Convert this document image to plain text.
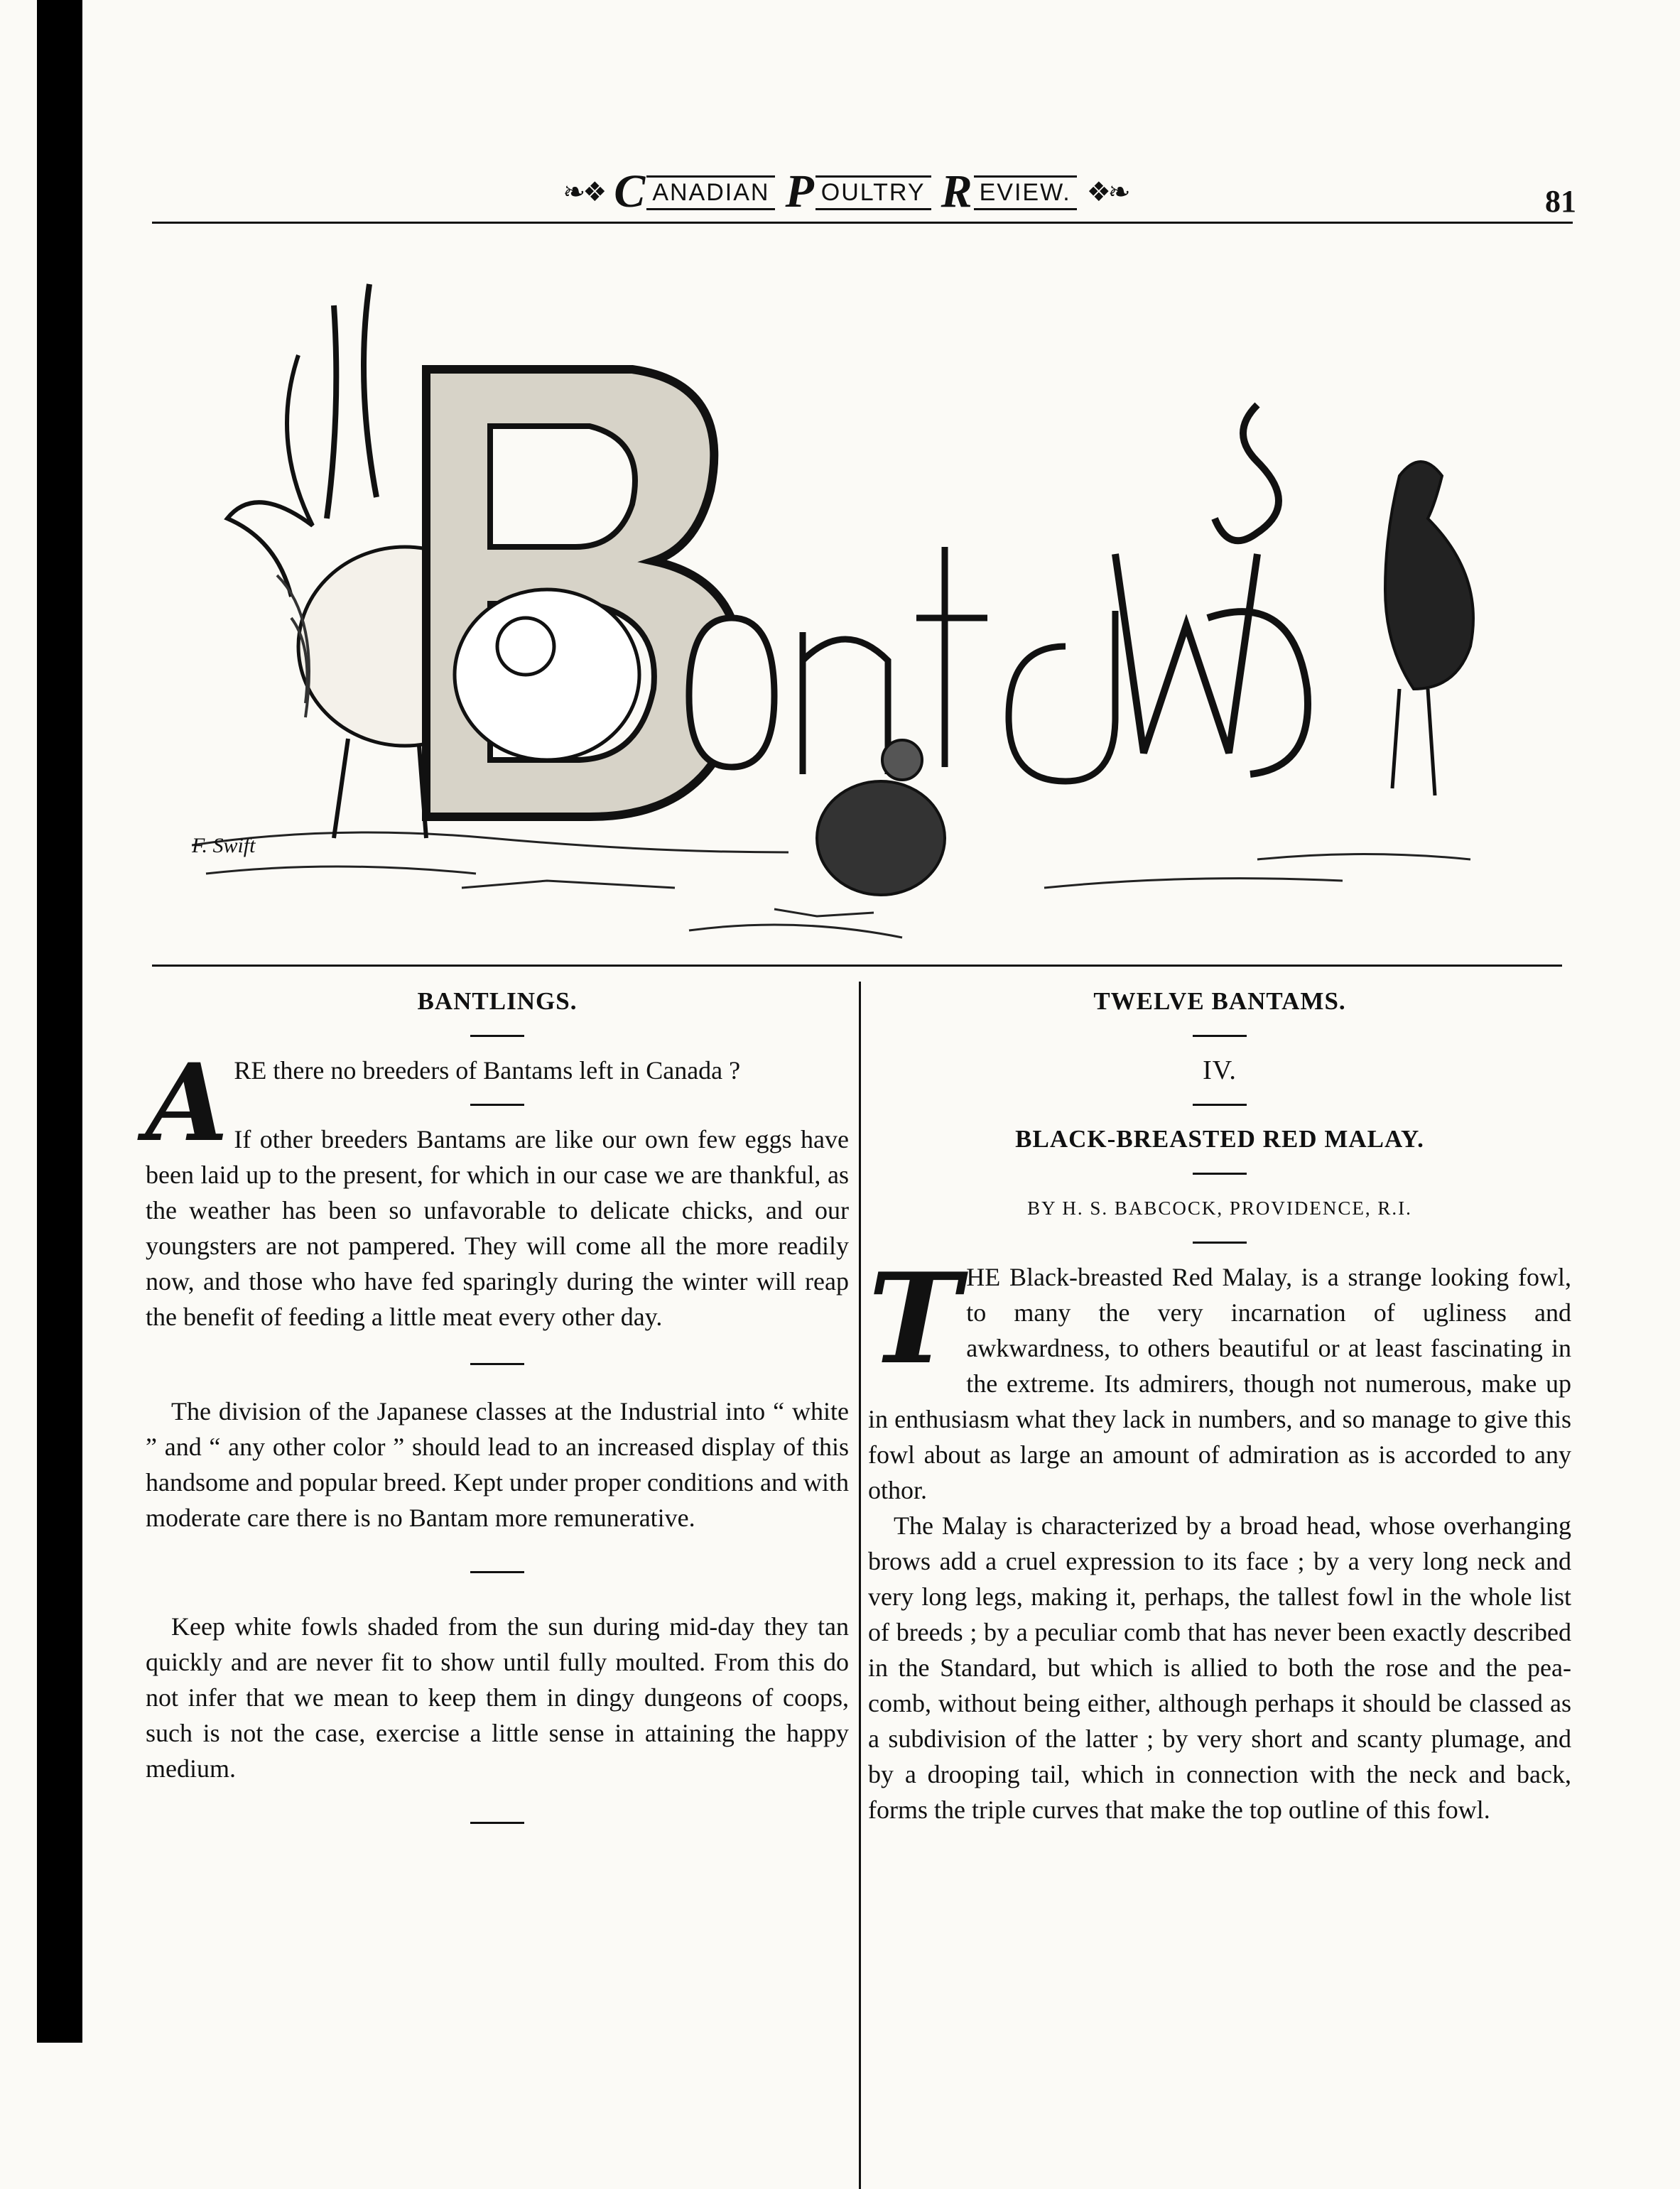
❧❖ C ANADIAN P OULTRY R EVIEW. ❖❧	81
F. Swift
BANTLINGS.

A RE there no breeders of Bantams left in Canada ?

If other breeders Bantams are like our own few eggs have been laid up to the present, for which in our case we are thankful, as the weather has been so unfavorable to delicate chicks, and our youngsters are not pampered. They will come all the more readily now, and those who have fed sparingly during the winter will reap the benefit of feeding a little meat every other day.

The division of the Japanese classes at the Industrial into “ white ” and “ any other color ” should lead to an increased display of this handsome and popular breed. Kept under proper conditions and with moderate care there is no Bantam more remunerative.

Keep white fowls shaded from the sun during mid-day they tan quickly and are never fit to show until fully moulted. From this do not infer that we mean to keep them in dingy dungeons of coops, such is not the case, exercise a little sense in attaining the happy medium.

TWELVE BANTAMS.
IV.
BLACK-BREASTED RED MALAY.
BY H. S. BABCOCK, PROVIDENCE, R.I.

T HE Black-breasted Red Malay, is a strange looking fowl, to many the very incarnation of ugliness and awkwardness, to others beautiful or at least fascinating in the extreme. Its admirers, though not numerous, make up in enthusiasm what they lack in numbers, and so manage to give this fowl about as large an amount of admiration as is accorded to any othor.

The Malay is characterized by a broad head, whose overhanging brows add a cruel expression to its face ; by a very long neck and very long legs, making it, perhaps, the tallest fowl in the whole list of breeds ; by a peculiar comb that has never been exactly described in the Standard, but which is allied to both the rose and the pea-comb, without being either, although perhaps it should be classed as a subdivision of the latter ; by very short and scanty plumage, and by a drooping tail, which in connection with the neck and back, forms the triple curves that make the top outline of this fowl.
